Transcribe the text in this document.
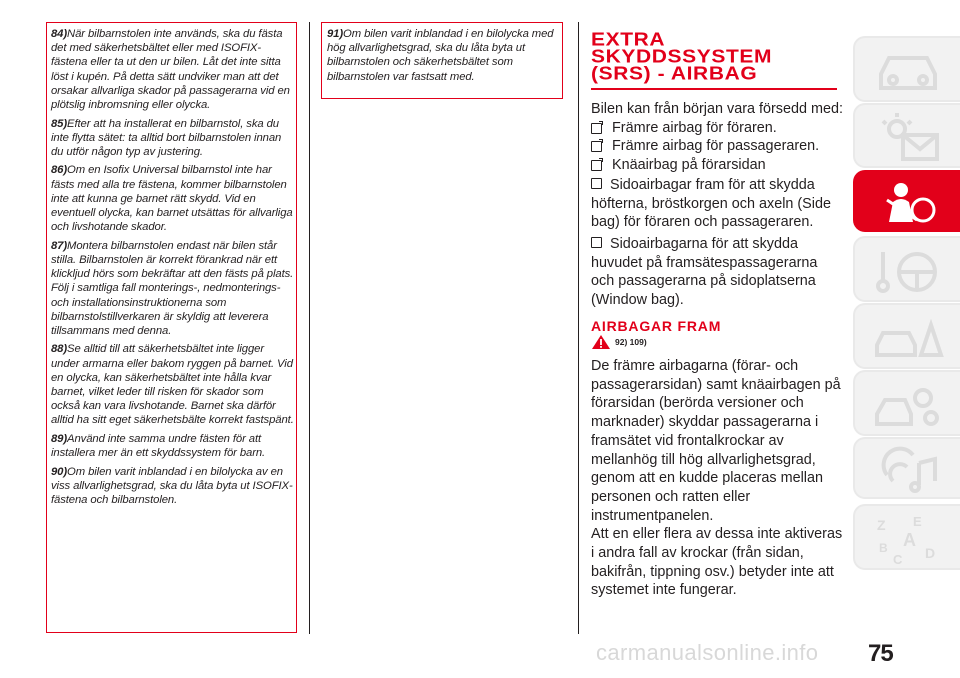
84)När bilbarnstolen inte används, ska du fästa det med säkerhetsbältet eller med ISOFIX-fästena eller ta ut den ur bilen. Låt det inte sitta löst i kupén. På detta sätt undviker man att det orsakar allvarliga skador på passagerarna vid en plötslig inbromsning eller olycka.

85)Efter att ha installerat en bilbarnstol, ska du inte flytta sätet: ta alltid bort bilbarnstolen innan du utför någon typ av justering.

86)Om en Isofix Universal bilbarnstol inte har fästs med alla tre fästena, kommer bilbarnstolen inte att kunna ge barnet rätt skydd. Vid en eventuell olycka, kan barnet utsättas för allvarliga och livshotande skador.

87)Montera bilbarnstolen endast när bilen står stilla. Bilbarnstolen är korrekt förankrad när ett klickljud hörs som bekräftar att den fästs på plats. Följ i samtliga fall monterings-, nedmonterings- och installationsinstruktionerna som bilbarnstolstillverkaren är skyldig att leverera tillsammans med denna.

88)Se alltid till att säkerhetsbältet inte ligger under armarna eller bakom ryggen på barnet. Vid en olycka, kan säkerhetsbältet inte hålla kvar barnet, vilket leder till risken för skador som också kan vara livshotande. Barnet ska därför alltid ha sitt eget säkerhetsbälte korrekt fastspänt.

89)Använd inte samma undre fästen för att installera mer än ett skyddssystem för barn.

90)Om bilen varit inblandad i en bilolycka av en viss allvarlighetsgrad, ska du låta byta ut ISOFIX-fästena och bilbarnstolen.

91)Om bilen varit inblandad i en bilolycka med hög allvarlighetsgrad, ska du låta byta ut bilbarnstolen och säkerhetsbältet som bilbarnstolen var fastsatt med.

EXTRA
SKYDDSSYSTEM
(SRS) - AIRBAG

Bilen kan från början vara försedd med:

Främre airbag för föraren.
Främre airbag för passageraren.
Knäairbag på förarsidan

Sidoairbagar fram för att skydda höfterna, bröstkorgen och axeln (Side bag) för föraren och passageraren.

Sidoairbagarna för att skydda huvudet på framsätespassagerarna och passagerarna på sidoplatserna (Window bag).

AIRBAGAR FRAM
92) 109)

De främre airbagarna (förar- och passagerarsidan) samt knäairbagen på förarsidan (berörda versioner och marknader) skyddar passagerarna i framsätet vid frontalkrockar av mellanhög till hög allvarlighetsgrad, genom att en kudde placeras mellan personen och ratten eller instrumentpanelen.

Att en eller flera av dessa inte aktiveras i andra fall av krockar (från sidan, bakifrån, tippning osv.) betyder inte att systemet inte fungerar.

Z E
B A
C D
75
carmanualsonline.info
